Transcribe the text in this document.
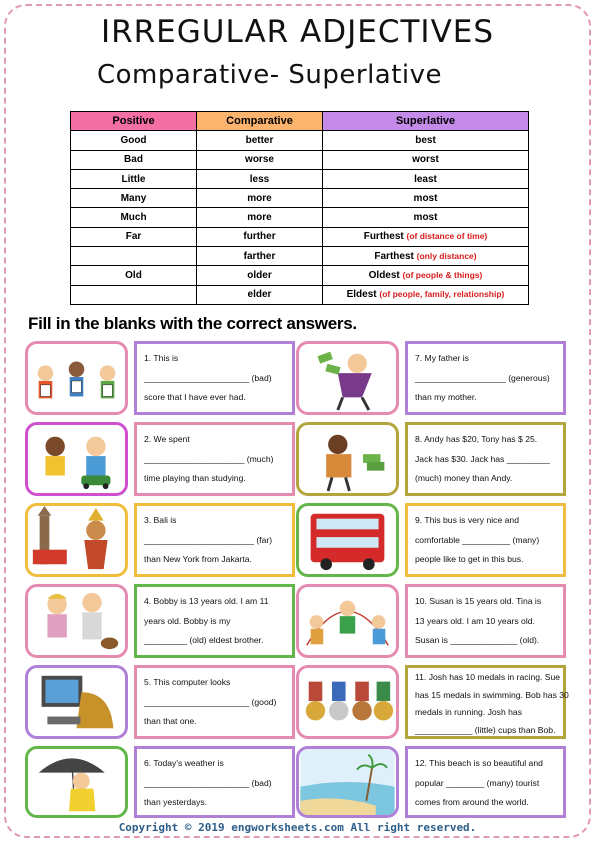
IRREGULAR ADJECTIVES
Comparative- Superlative
Positive	Comparative	Superlative
Good	better	best
Bad	worse	worst
Little	less	least
Many	more	most
Much	more	most
Far	further	Furthest (of distance of time)
	farther	Farthest (only distance)
Old	older	Oldest (of people & things)
	elder	Eldest (of people, family, relationship)
Fill in the blanks with the correct answers.
1. This is
______________________ (bad)
score that I have ever had.
7. My father is
___________________ (generous)
than my mother.
2. We spent
_____________________ (much)
time playing than studying.
8. Andy has $20, Tony has $ 25.
Jack has $30. Jack has _________
(much) money than Andy.
3. Bali is
_______________________ (far)
than New York from Jakarta.
9. This bus is very nice and
comfortable __________ (many)
people like to get in this bus.
4. Bobby is 13 years old. I am 11
years old. Bobby is my
_________ (old) eldest brother.
10. Susan is 15 years old. Tina is
13 years old. I am 10 years old.
Susan is ______________ (old).
5. This computer looks
______________________ (good)
than that one.
11. Josh has 10 medals in racing. Sue
has 15 medals in swimming. Bob has 30
medals in running. Josh has
____________ (little) cups than Bob.
6. Today's weather is
______________________ (bad)
than yesterdays.
12. This beach is so beautiful and
popular ________ (many) tourist
comes from around the world.
Copyright © 2019 engworksheets.com All right reserved.
